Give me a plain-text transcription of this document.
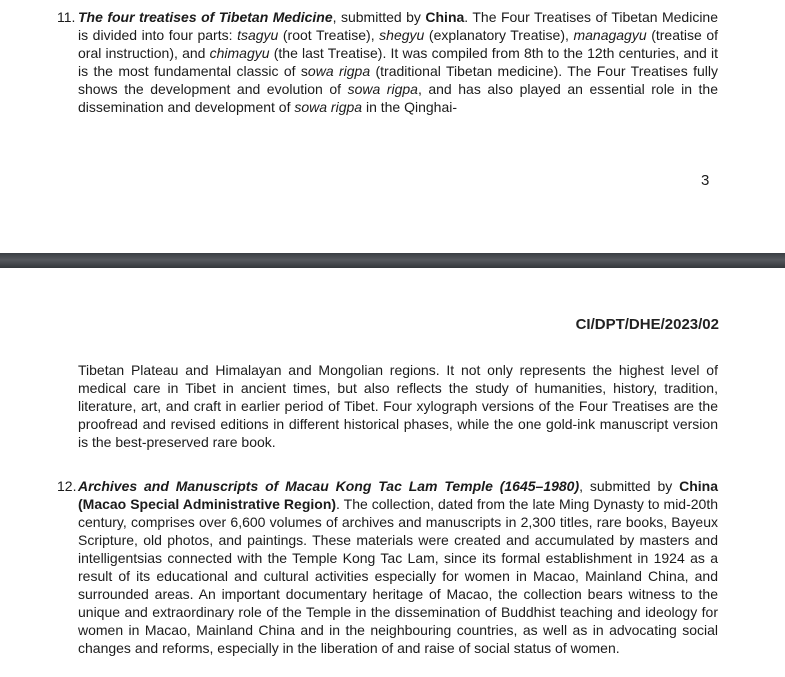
11. The four treatises of Tibetan Medicine, submitted by China. The Four Treatises of Tibetan Medicine is divided into four parts: tsagyu (root Treatise), shegyu (explanatory Treatise), managagyu (treatise of oral instruction), and chimagyu (the last Treatise). It was compiled from 8th to the 12th centuries, and it is the most fundamental classic of sowa rigpa (traditional Tibetan medicine). The Four Treatises fully shows the development and evolution of sowa rigpa, and has also played an essential role in the dissemination and development of sowa rigpa in the Qinghai-
3
CI/DPT/DHE/2023/02
Tibetan Plateau and Himalayan and Mongolian regions. It not only represents the highest level of medical care in Tibet in ancient times, but also reflects the study of humanities, history, tradition, literature, art, and craft in earlier period of Tibet. Four xylograph versions of the Four Treatises are the proofread and revised editions in different historical phases, while the one gold-ink manuscript version is the best-preserved rare book.
12. Archives and Manuscripts of Macau Kong Tac Lam Temple (1645–1980), submitted by China (Macao Special Administrative Region). The collection, dated from the late Ming Dynasty to mid-20th century, comprises over 6,600 volumes of archives and manuscripts in 2,300 titles, rare books, Bayeux Scripture, old photos, and paintings. These materials were created and accumulated by masters and intelligentsias connected with the Temple Kong Tac Lam, since its formal establishment in 1924 as a result of its educational and cultural activities especially for women in Macao, Mainland China, and surrounded areas. An important documentary heritage of Macao, the collection bears witness to the unique and extraordinary role of the Temple in the dissemination of Buddhist teaching and ideology for women in Macao, Mainland China and in the neighbouring countries, as well as in advocating social changes and reforms, especially in the liberation of and raise of social status of women.
